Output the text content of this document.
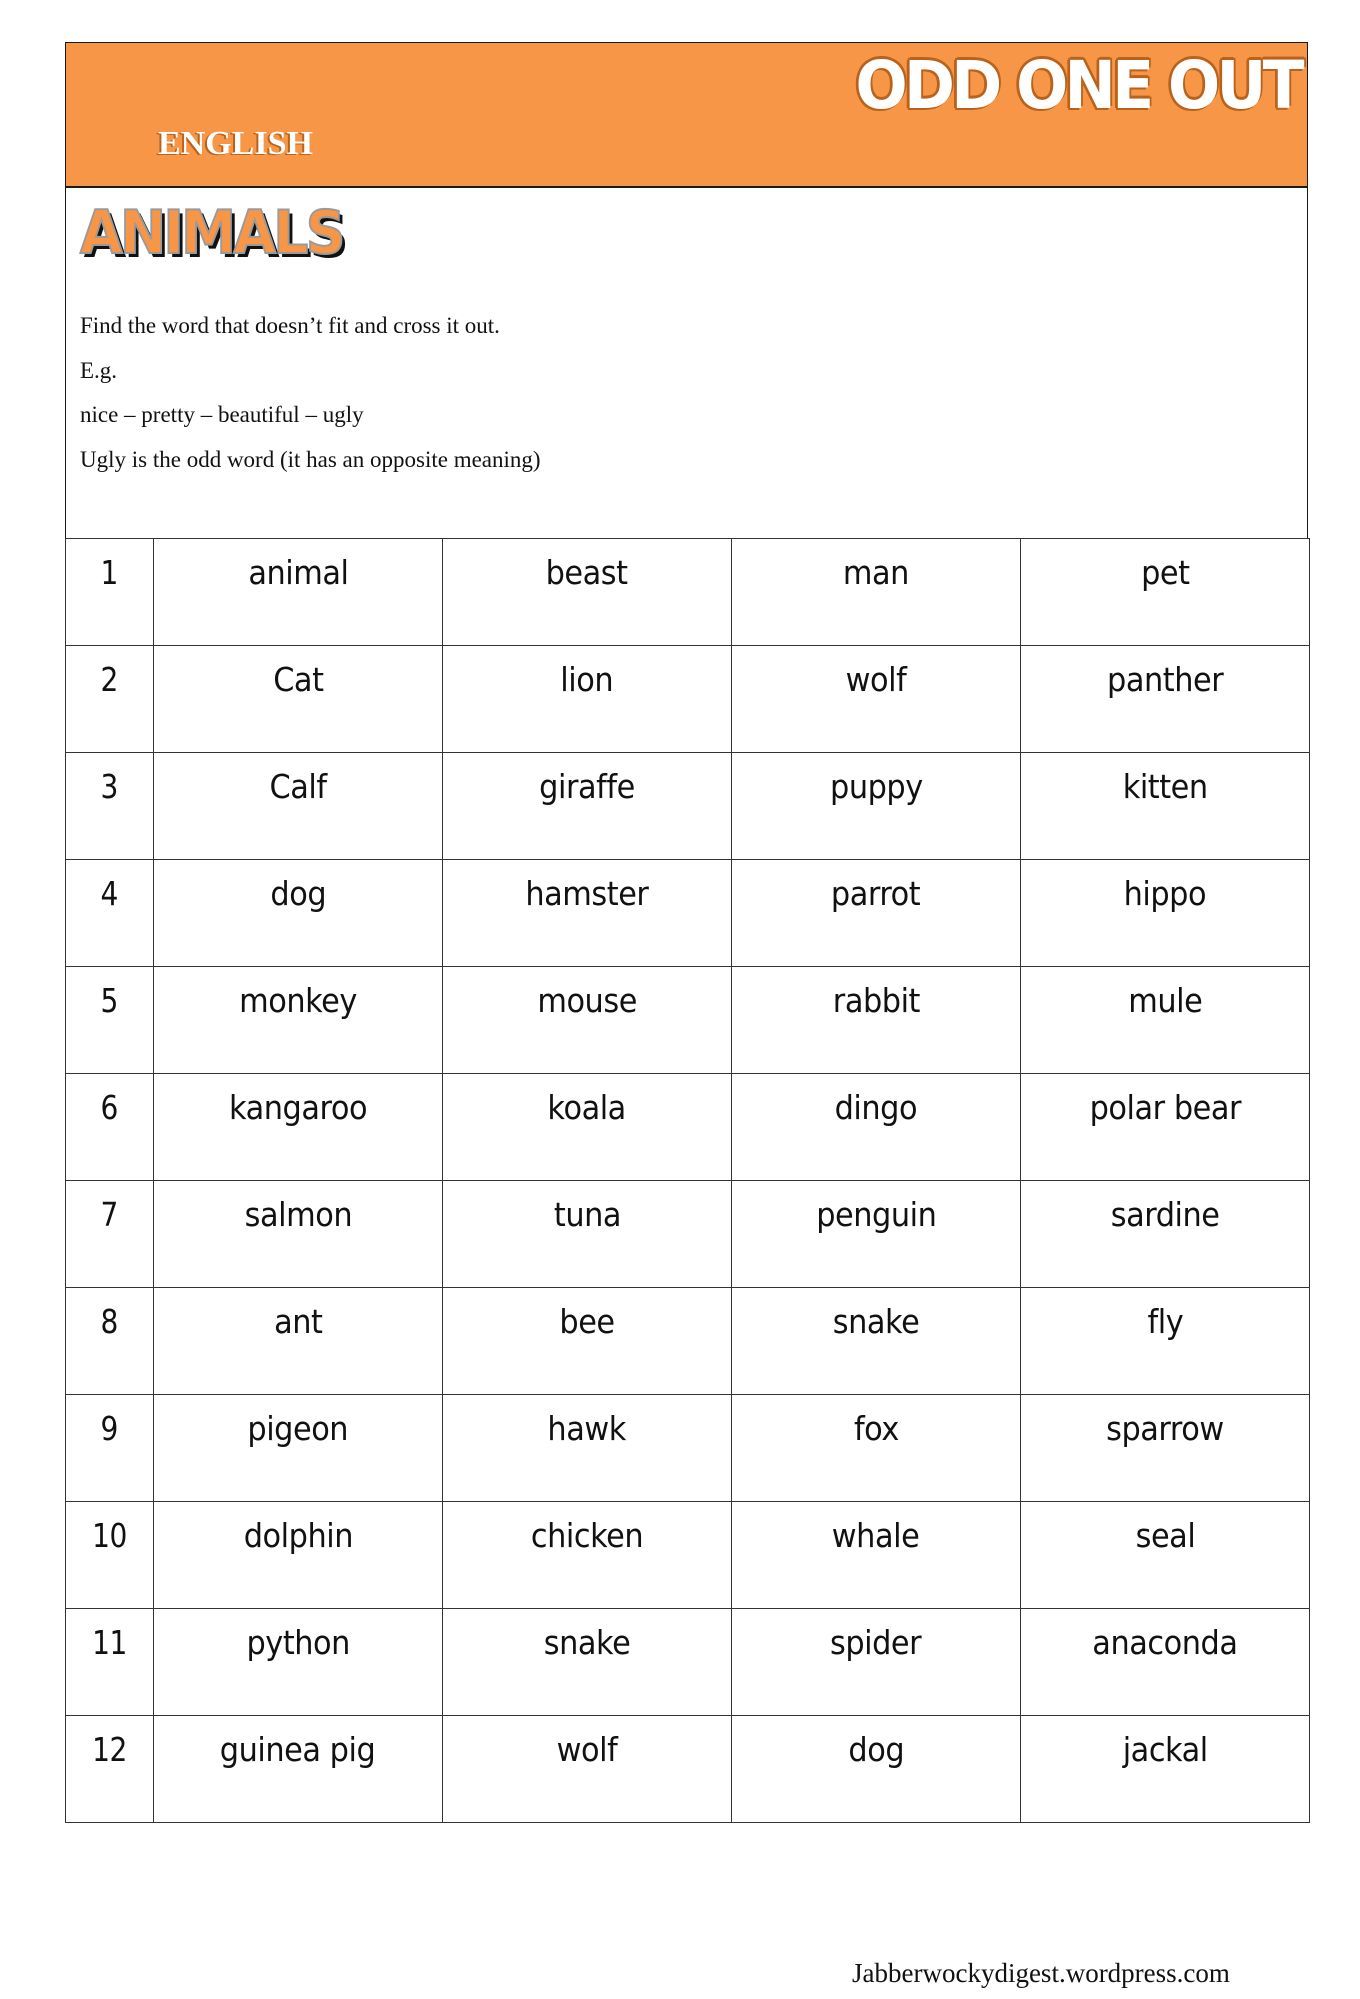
ENGLISH
ODD ONE OUT
ANIMALS
Find the word that doesn’t fit and cross it out.
E.g.
nice – pretty – beautiful – ugly
Ugly is the odd word (it has an opposite meaning)
1	animal	beast	man	pet
2	Cat	lion	wolf	panther
3	Calf	giraffe	puppy	kitten
4	dog	hamster	parrot	hippo
5	monkey	mouse	rabbit	mule
6	kangaroo	koala	dingo	polar bear
7	salmon	tuna	penguin	sardine
8	ant	bee	snake	fly
9	pigeon	hawk	fox	sparrow
10	dolphin	chicken	whale	seal
11	python	snake	spider	anaconda
12	guinea pig	wolf	dog	jackal
Jabberwockydigest.wordpress.com
